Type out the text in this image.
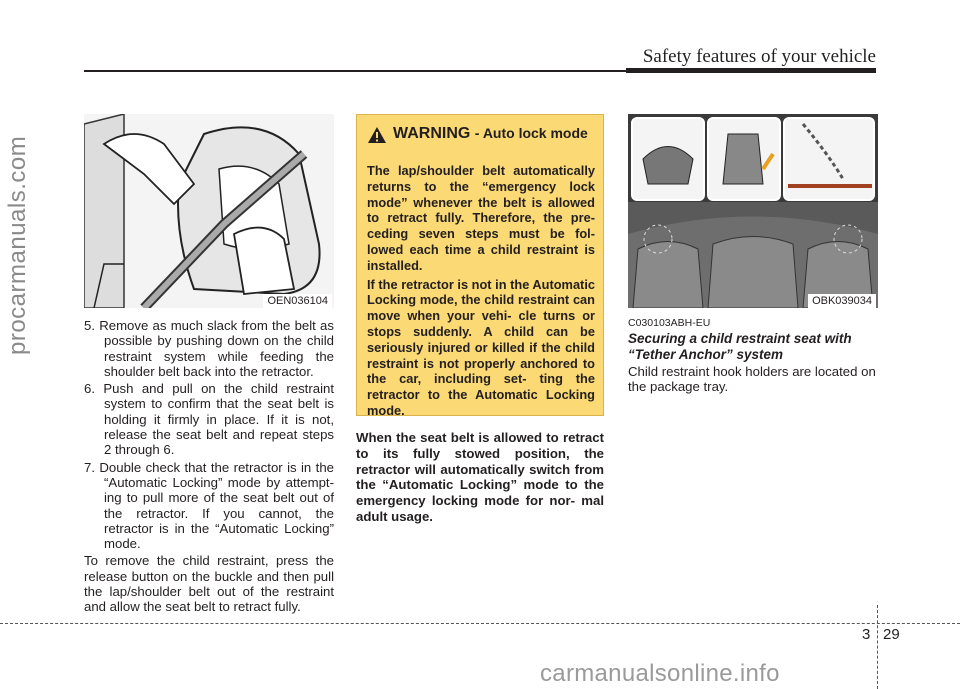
Safety features of your vehicle
procarmanuals.com	OEN036104
5. Remove as much slack from the belt as possible by pushing down on the child restraint system while feeding the shoulder belt back into the retractor.
6. Push and pull on the child restraint system to confirm that the seat belt is holding it firmly in place. If it is not, release the seat belt and repeat steps 2 through 6.
7. Double check that the retractor is in the “Automatic Locking” mode by attempt- ing to pull more of the seat belt out of the retractor. If you cannot, the retractor is in the “Automatic Locking” mode.
To remove the child restraint, press the release button on the buckle and then pull the lap/shoulder belt out of the restraint and allow the seat belt to retract fully.
WARNING - Auto lock mode

The lap/shoulder belt automatically returns to the “emergency lock mode” whenever the belt is allowed to retract fully. Therefore, the pre- ceding seven steps must be fol- lowed each time a child restraint is installed.

If the retractor is not in the Automatic Locking mode, the child restraint can move when your vehi- cle turns or stops suddenly. A child can be seriously injured or killed if the child restraint is not properly anchored to the car, including set- ting the retractor to the Automatic Locking mode.

When the seat belt is allowed to retract to its fully stowed position, the retractor will automatically switch from the “Automatic Locking” mode to the emergency locking mode for nor- mal adult usage.
OBK039034
C030103ABH-EU
Securing a child restraint seat with “Tether Anchor” system
Child restraint hook holders are located on the package tray.
3 29
carmanualsonline.info
